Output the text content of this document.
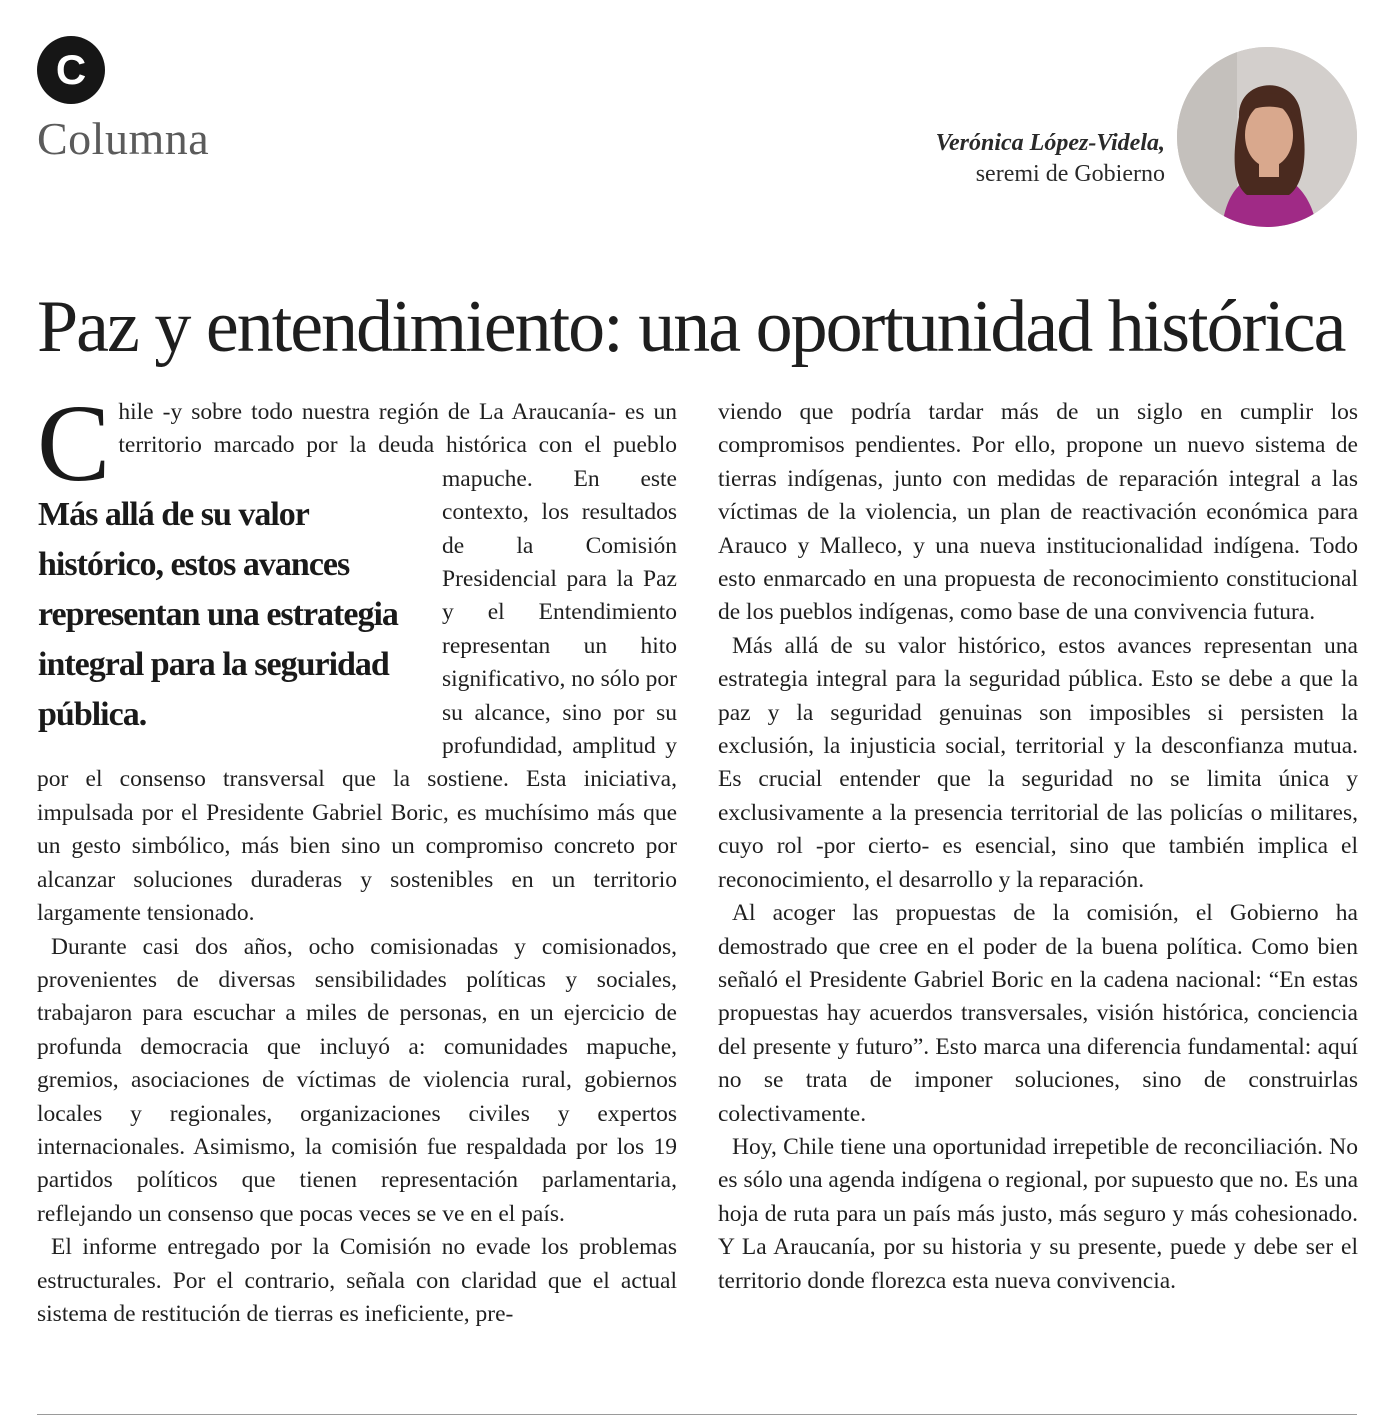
C
Columna	Verónica López-Videla,
seremi de Gobierno
Paz y entendimiento: una oportunidad histórica

C
Más allá de su valor histórico, estos avances representan una estrategia integral para la seguridad pública.
hile -y sobre todo nuestra región de La Araucanía- es un territorio marcado por la deuda histórica con el pueblo mapuche. En este contexto, los resultados de la Comisión Presidencial para la Paz y el Entendimiento representan un hito significativo, no sólo por su alcance, sino por su profundidad, amplitud y por el consenso transversal que la sostiene. Esta iniciativa, impulsada por el Presidente Gabriel Boric, es muchísimo más que un gesto simbólico, más bien sino un compromiso concreto por alcanzar soluciones duraderas y sostenibles en un territorio largamente tensionado.

Durante casi dos años, ocho comisionadas y comisionados, provenientes de diversas sensibilidades políticas y sociales, trabajaron para escuchar a miles de personas, en un ejercicio de profunda democracia que incluyó a: comunidades mapuche, gremios, asociaciones de víctimas de violencia rural, gobiernos locales y regionales, organizaciones civiles y expertos internacionales. Asimismo, la comisión fue respaldada por los 19 partidos políticos que tienen representación parlamentaria, reflejando un consenso que pocas veces se ve en el país.

El informe entregado por la Comisión no evade los problemas estructurales. Por el contrario, señala con claridad que el actual sistema de restitución de tierras es ineficiente, pre-

viendo que podría tardar más de un siglo en cumplir los compromisos pendientes. Por ello, propone un nuevo sistema de tierras indígenas, junto con medidas de reparación integral a las víctimas de la violencia, un plan de reactivación económica para Arauco y Malleco, y una nueva institucionalidad indígena. Todo esto enmarcado en una propuesta de reconocimiento constitucional de los pueblos indígenas, como base de una convivencia futura.

Más allá de su valor histórico, estos avances representan una estrategia integral para la seguridad pública. Esto se debe a que la paz y la seguridad genuinas son imposibles si persisten la exclusión, la injusticia social, territorial y la desconfianza mutua. Es crucial entender que la seguridad no se limita única y exclusivamente a la presencia territorial de las policías o militares, cuyo rol -por cierto- es esencial, sino que también implica el reconocimiento, el desarrollo y la reparación.

Al acoger las propuestas de la comisión, el Gobierno ha demostrado que cree en el poder de la buena política. Como bien señaló el Presidente Gabriel Boric en la cadena nacional: “En estas propuestas hay acuerdos transversales, visión histórica, conciencia del presente y futuro”. Esto marca una diferencia fundamental: aquí no se trata de imponer soluciones, sino de construirlas colectivamente.

Hoy, Chile tiene una oportunidad irrepetible de reconciliación. No es sólo una agenda indígena o regional, por supuesto que no. Es una hoja de ruta para un país más justo, más seguro y más cohesionado. Y La Araucanía, por su historia y su presente, puede y debe ser el territorio donde florezca esta nueva convivencia.
